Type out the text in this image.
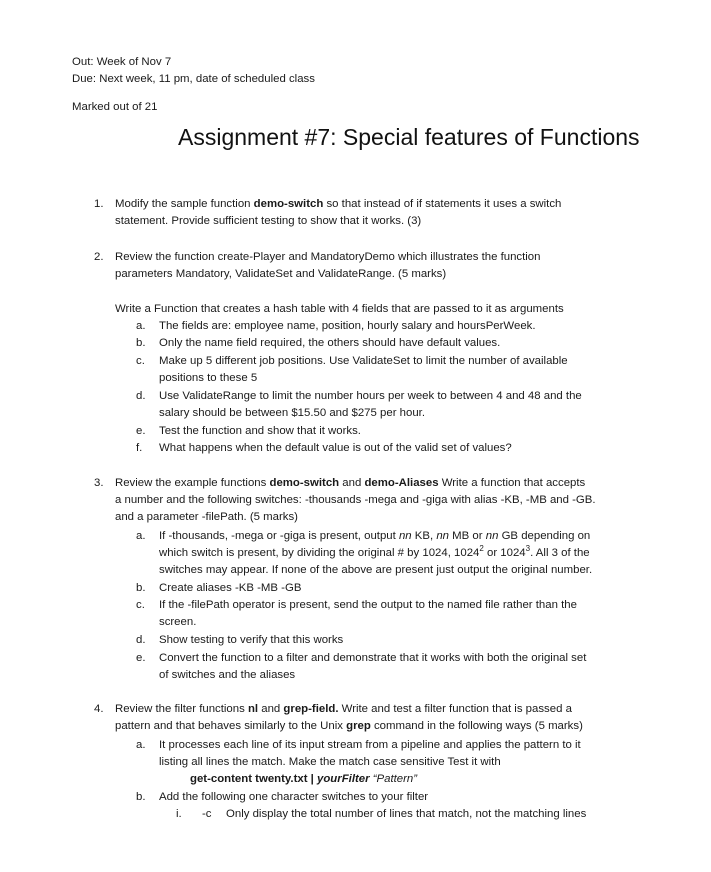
Out: Week of Nov 7
Due: Next week, 11 pm, date of scheduled class
Marked out of 21
Assignment #7: Special features of Functions
1. Modify the sample function demo-switch so that instead of if statements it uses a switch
statement. Provide sufficient testing to show that it works. (3)
2. Review the function create-Player and MandatoryDemo which illustrates the function
parameters Mandatory, ValidateSet and ValidateRange. (5 marks)
Write a Function that creates a hash table with 4 fields that are passed to it as arguments
a. The fields are: employee name, position, hourly salary and hoursPerWeek.
b. Only the name field required, the others should have default values.
c. Make up 5 different job positions. Use ValidateSet to limit the number of available
positions to these 5
d. Use ValidateRange to limit the number hours per week to between 4 and 48 and the
salary should be between $15.50 and $275 per hour.
e. Test the function and show that it works.
f. What happens when the default value is out of the valid set of values?
3. Review the example functions demo-switch and demo-Aliases Write a function that accepts
a number and the following switches: -thousands -mega and -giga with alias -KB, -MB and -GB.
and a parameter -filePath. (5 marks)
a. If -thousands, -mega or -giga is present, output nn KB, nn MB or nn GB depending on
which switch is present, by dividing the original # by 1024, 1024$^2$ or 1024$^3$. All 3 of the
switches may appear. If none of the above are present just output the original number.
b. Create aliases -KB -MB -GB
c. If the -filePath operator is present, send the output to the named file rather than the
screen.
d. Show testing to verify that this works
e. Convert the function to a filter and demonstrate that it works with both the original set
of switches and the aliases
4. Review the filter functions nl and grep-field. Write and test a filter function that is passed a
pattern and that behaves similarly to the Unix grep command in the following ways (5 marks)
a. It processes each line of its input stream from a pipeline and applies the pattern to it
listing all lines the match. Make the match case sensitive Test it with
get-content twenty.txt | yourFilter “Pattern”
b. Add the following one character switches to your filter
i. -c Only display the total number of lines that match, not the matching lines
